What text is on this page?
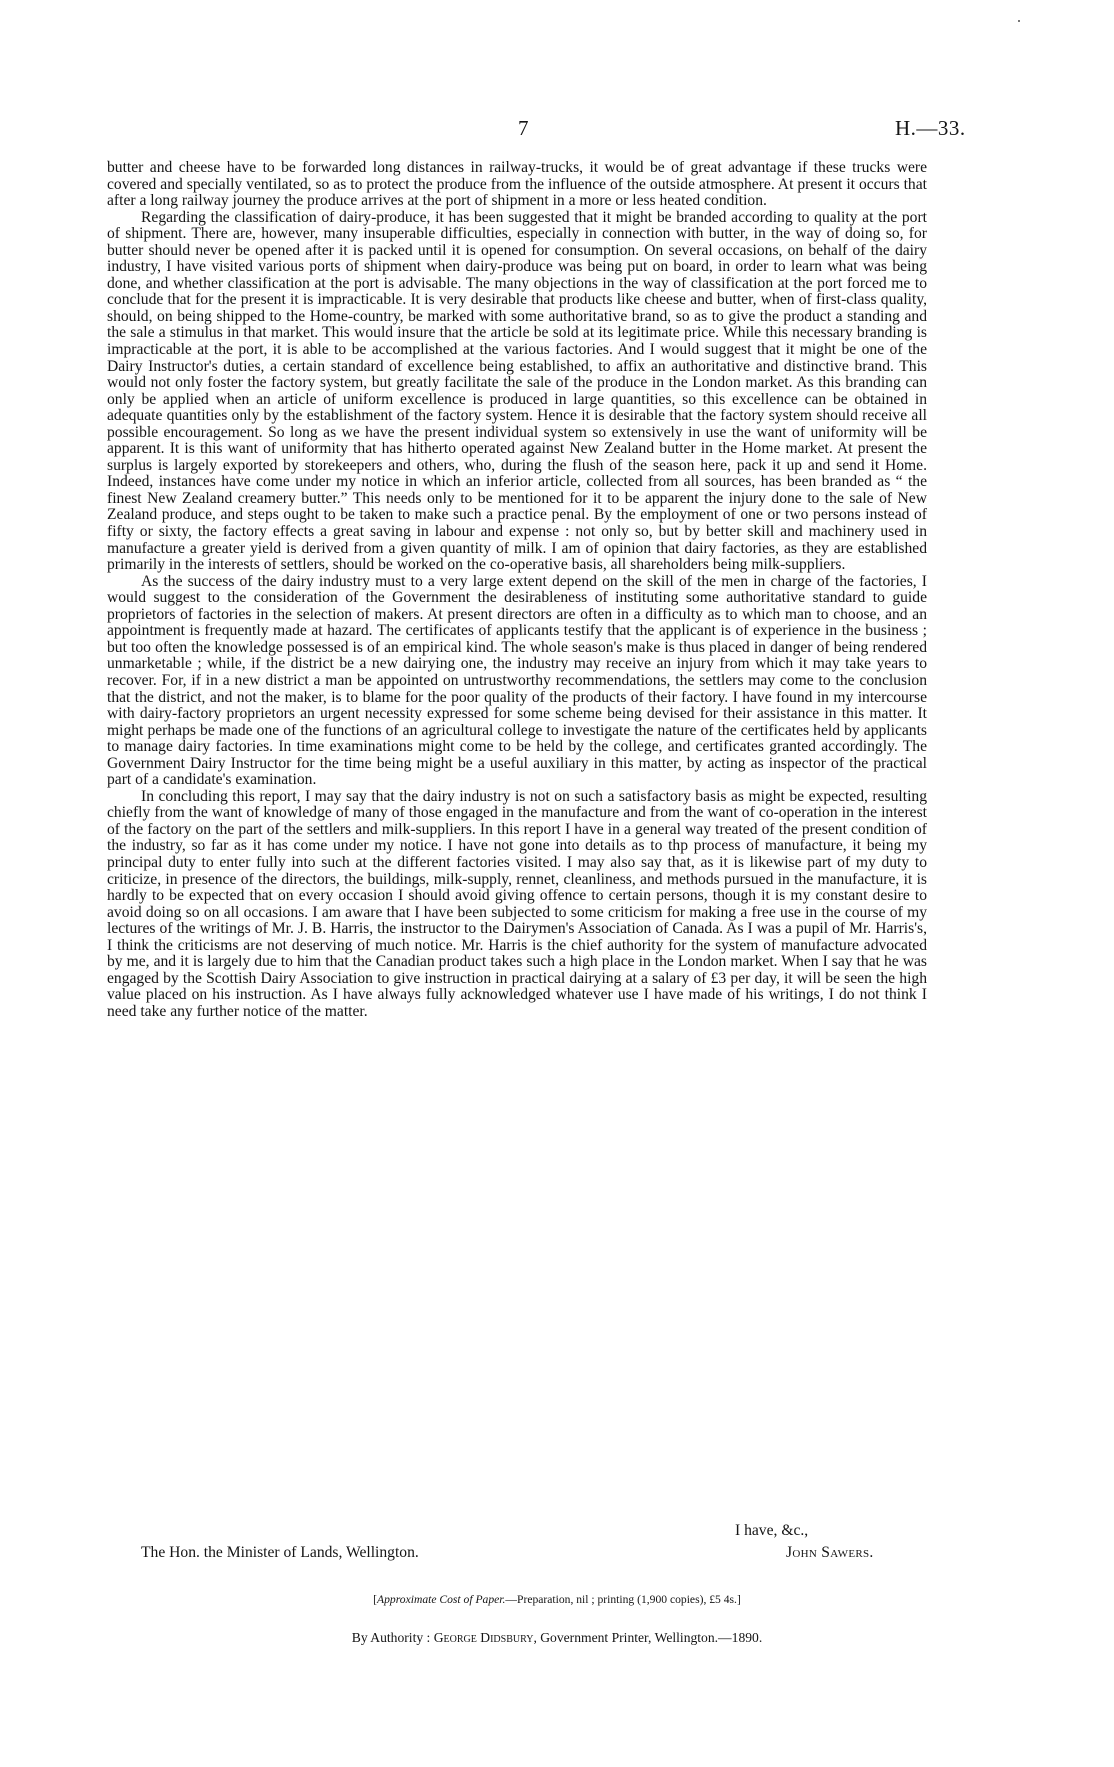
7	H.—33.

butter and cheese have to be forwarded long distances in railway-trucks, it would be of great advantage if these trucks were covered and specially ventilated, so as to protect the produce from the influence of the outside atmosphere. At present it occurs that after a long railway journey the produce arrives at the port of shipment in a more or less heated condition.

Regarding the classification of dairy-produce, it has been suggested that it might be branded according to quality at the port of shipment. There are, however, many insuperable difficulties, especially in connection with butter, in the way of doing so, for butter should never be opened after it is packed until it is opened for consumption. On several occasions, on behalf of the dairy industry, I have visited various ports of shipment when dairy-produce was being put on board, in order to learn what was being done, and whether classification at the port is advisable. The many objections in the way of classification at the port forced me to conclude that for the present it is impracticable. It is very desirable that products like cheese and butter, when of first-class quality, should, on being shipped to the Home-country, be marked with some authoritative brand, so as to give the product a standing and the sale a stimulus in that market. This would insure that the article be sold at its legitimate price. While this necessary branding is impracticable at the port, it is able to be accomplished at the various factories. And I would suggest that it might be one of the Dairy Instructor's duties, a certain standard of excellence being established, to affix an authoritative and distinctive brand. This would not only foster the factory system, but greatly facilitate the sale of the produce in the London market. As this branding can only be applied when an article of uniform excellence is produced in large quantities, so this excellence can be obtained in adequate quantities only by the establishment of the factory system. Hence it is desirable that the factory system should receive all possible encouragement. So long as we have the present individual system so extensively in use the want of uniformity will be apparent. It is this want of uniformity that has hitherto operated against New Zealand butter in the Home market. At present the surplus is largely exported by storekeepers and others, who, during the flush of the season here, pack it up and send it Home. Indeed, instances have come under my notice in which an inferior article, collected from all sources, has been branded as “ the finest New Zealand creamery butter.” This needs only to be mentioned for it to be apparent the injury done to the sale of New Zealand produce, and steps ought to be taken to make such a practice penal. By the employment of one or two persons instead of fifty or sixty, the factory effects a great saving in labour and expense : not only so, but by better skill and machinery used in manufacture a greater yield is derived from a given quantity of milk. I am of opinion that dairy factories, as they are established primarily in the interests of settlers, should be worked on the co-operative basis, all shareholders being milk-suppliers.

As the success of the dairy industry must to a very large extent depend on the skill of the men in charge of the factories, I would suggest to the consideration of the Government the desirableness of instituting some authoritative standard to guide proprietors of factories in the selection of makers. At present directors are often in a difficulty as to which man to choose, and an appointment is frequently made at hazard. The certificates of applicants testify that the applicant is of experience in the business ; but too often the knowledge possessed is of an empirical kind. The whole season's make is thus placed in danger of being rendered unmarketable ; while, if the district be a new dairying one, the industry may receive an injury from which it may take years to recover. For, if in a new district a man be appointed on untrustworthy recommendations, the settlers may come to the conclusion that the district, and not the maker, is to blame for the poor quality of the products of their factory. I have found in my intercourse with dairy-factory proprietors an urgent necessity expressed for some scheme being devised for their assistance in this matter. It might perhaps be made one of the functions of an agricultural college to investigate the nature of the certificates held by applicants to manage dairy factories. In time examinations might come to be held by the college, and certificates granted accordingly. The Government Dairy Instructor for the time being might be a useful auxiliary in this matter, by acting as inspector of the practical part of a candidate's examination.

In concluding this report, I may say that the dairy industry is not on such a satisfactory basis as might be expected, resulting chiefly from the want of knowledge of many of those engaged in the manufacture and from the want of co-operation in the interest of the factory on the part of the settlers and milk-suppliers. In this report I have in a general way treated of the present condition of the industry, so far as it has come under my notice. I have not gone into details as to thp process of manufacture, it being my principal duty to enter fully into such at the different factories visited. I may also say that, as it is likewise part of my duty to criticize, in presence of the directors, the buildings, milk-supply, rennet, cleanliness, and methods pursued in the manufacture, it is hardly to be expected that on every occasion I should avoid giving offence to certain persons, though it is my constant desire to avoid doing so on all occasions. I am aware that I have been subjected to some criticism for making a free use in the course of my lectures of the writings of Mr. J. B. Harris, the instructor to the Dairymen's Association of Canada. As I was a pupil of Mr. Harris's, I think the criticisms are not deserving of much notice. Mr. Harris is the chief authority for the system of manufacture advocated by me, and it is largely due to him that the Canadian product takes such a high place in the London market. When I say that he was engaged by the Scottish Dairy Association to give instruction in practical dairying at a salary of £3 per day, it will be seen the high value placed on his instruction. As I have always fully acknowledged whatever use I have made of his writings, I do not think I need take any further notice of the matter.

I have, &c.,
The Hon. the Minister of Lands, Wellington.	John Sawers.
[Approximate Cost of Paper.—Preparation, nil ; printing (1,900 copies), £5 4s.]
By Authority : George Didsbury, Government Printer, Wellington.—1890.
